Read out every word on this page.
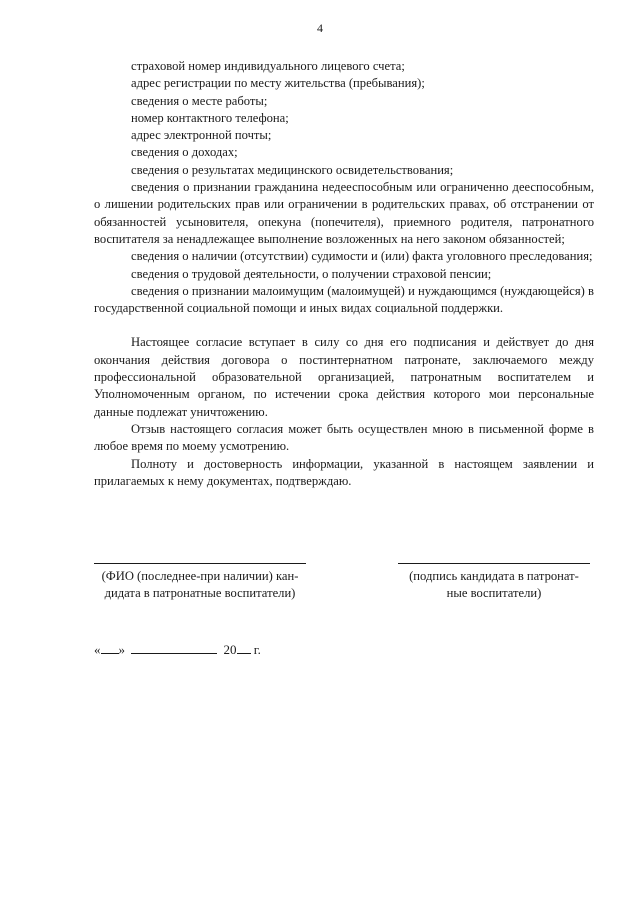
4

страховой номер индивидуального лицевого счета;

адрес регистрации по месту жительства (пребывания);

сведения о месте работы;

номер контактного телефона;

адрес электронной почты;

сведения о доходах;

сведения о результатах медицинского освидетельствования;

сведения о признании гражданина недееспособным или ограниченно дееспособным, о лишении родительских прав или ограничении в родительских правах, об отстранении от обязанностей усыновителя, опекуна (попечителя), приемного родителя, патронатного воспитателя за ненадлежащее выполнение возложенных на него законом обязанностей;

сведения о наличии (отсутствии) судимости и (или) факта уголовного преследования;

сведения о трудовой деятельности, о получении страховой пенсии;

сведения о признании малоимущим (малоимущей) и нуждающимся (нуждающейся) в государственной социальной помощи и иных видах социальной поддержки.

Настоящее согласие вступает в силу со дня его подписания и действует до дня окончания действия договора о постинтернатном патронате, заключаемого между профессиональной образовательной организацией, патронатным воспитателем и Уполномоченным органом, по истечении срока действия которого мои персональные данные подлежат уничтожению.

Отзыв настоящего согласия может быть осуществлен мною в письменной форме в любое время по моему усмотрению.

Полноту и достоверность информации, указанной в настоящем заявлении и прилагаемых к нему документах, подтверждаю.

(ФИО (последнее-при наличии) кан-

дидата в патронатные воспитатели)

(подпись кандидата в патронат-

ные воспитатели)

« »	20 г.
